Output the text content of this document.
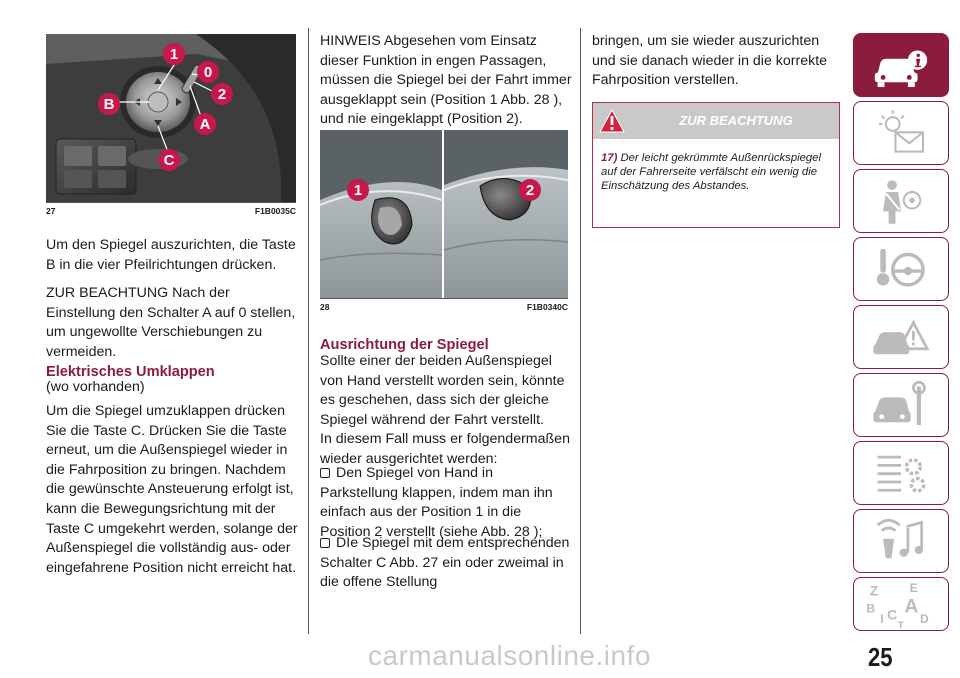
1
0
2
B
A
C
27	F1B0035C

Um den Spiegel auszurichten, die Taste B in die vier Pfeilrichtungen drücken.

ZUR BEACHTUNG Nach der Einstellung den Schalter A auf 0 stellen, um ungewollte Verschiebungen zu vermeiden.

Elektrisches Umklappen

(wo vorhanden)

Um die Spiegel umzuklappen drücken Sie die Taste C. Drücken Sie die Taste erneut, um die Außenspiegel wieder in die Fahrposition zu bringen. Nachdem die gewünschte Ansteuerung erfolgt ist, kann die Bewegungsrichtung mit der Taste C umgekehrt werden, solange der Außenspiegel die vollständig aus- oder eingefahrene Position nicht erreicht hat.

HINWEIS Abgesehen vom Einsatz dieser Funktion in engen Passagen, müssen die Spiegel bei der Fahrt immer ausgeklappt sein (Position 1 Abb. 28 ), und nie eingeklappt (Position 2).

1	2
28	F1B0340C

Ausrichtung der Spiegel

Sollte einer der beiden Außenspiegel von Hand verstellt worden sein, könnte es geschehen, dass sich der gleiche Spiegel während der Fahrt verstellt.

In diesem Fall muss er folgendermaßen wieder ausgerichtet werden:

Den Spiegel von Hand in Parkstellung klappen, indem man ihn einfach aus der Position 1 in die Position 2 verstellt (siehe Abb. 28 );
DIe Spiegel mit dem entsprechenden Schalter C Abb. 27 ein oder zweimal in die offene Stellung

bringen, um sie wieder auszurichten und sie danach wieder in die korrekte Fahrposition verstellen.

ZUR BEACHTUNG
17) Der leicht gekrümmte Außenrückspiegel auf der Fahrerseite verfälscht ein wenig die Einschätzung des Abstandes.
25
carmanualsonline.info
Z E
B A
I C D
T
